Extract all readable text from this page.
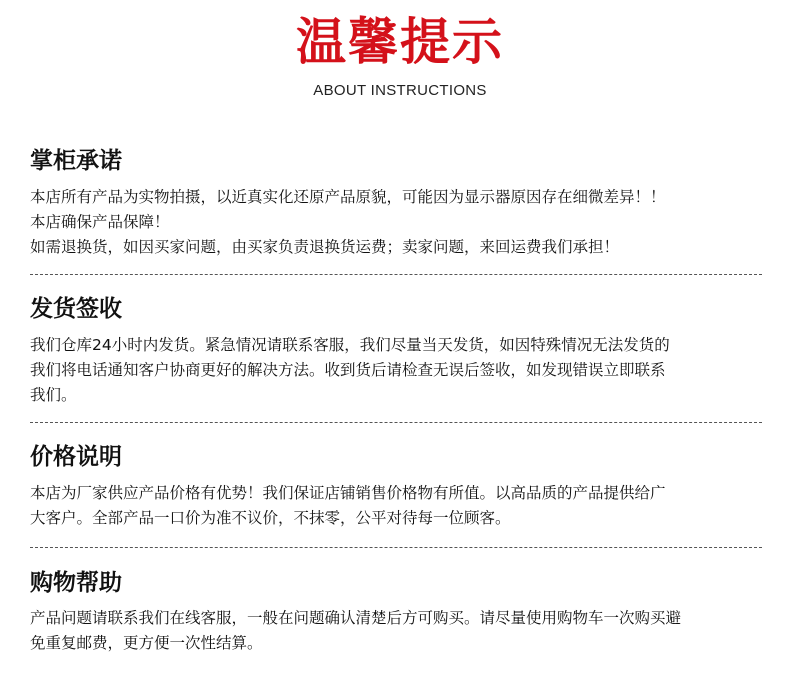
温馨提示
ABOUT INSTRUCTIONS
掌柜承诺
本店所有产品为实物拍摄，以近真实化还原产品原貌，可能因为显示器原因存在细微差异！！
本店确保产品保障！
如需退换货，如因买家问题，由买家负责退换货运费；卖家问题，来回运费我们承担！
发货签收
我们仓库24小时内发货。紧急情况请联系客服，我们尽量当天发货，如因特殊情况无法发货的
我们将电话通知客户协商更好的解决方法。收到货后请检查无误后签收，如发现错误立即联系
我们。
价格说明
本店为厂家供应产品价格有优势！我们保证店铺销售价格物有所值。以高品质的产品提供给广
大客户。全部产品一口价为准不议价，不抹零，公平对待每一位顾客。
购物帮助
产品问题请联系我们在线客服，一般在问题确认清楚后方可购买。请尽量使用购物车一次购买避
免重复邮费，更方便一次性结算。
